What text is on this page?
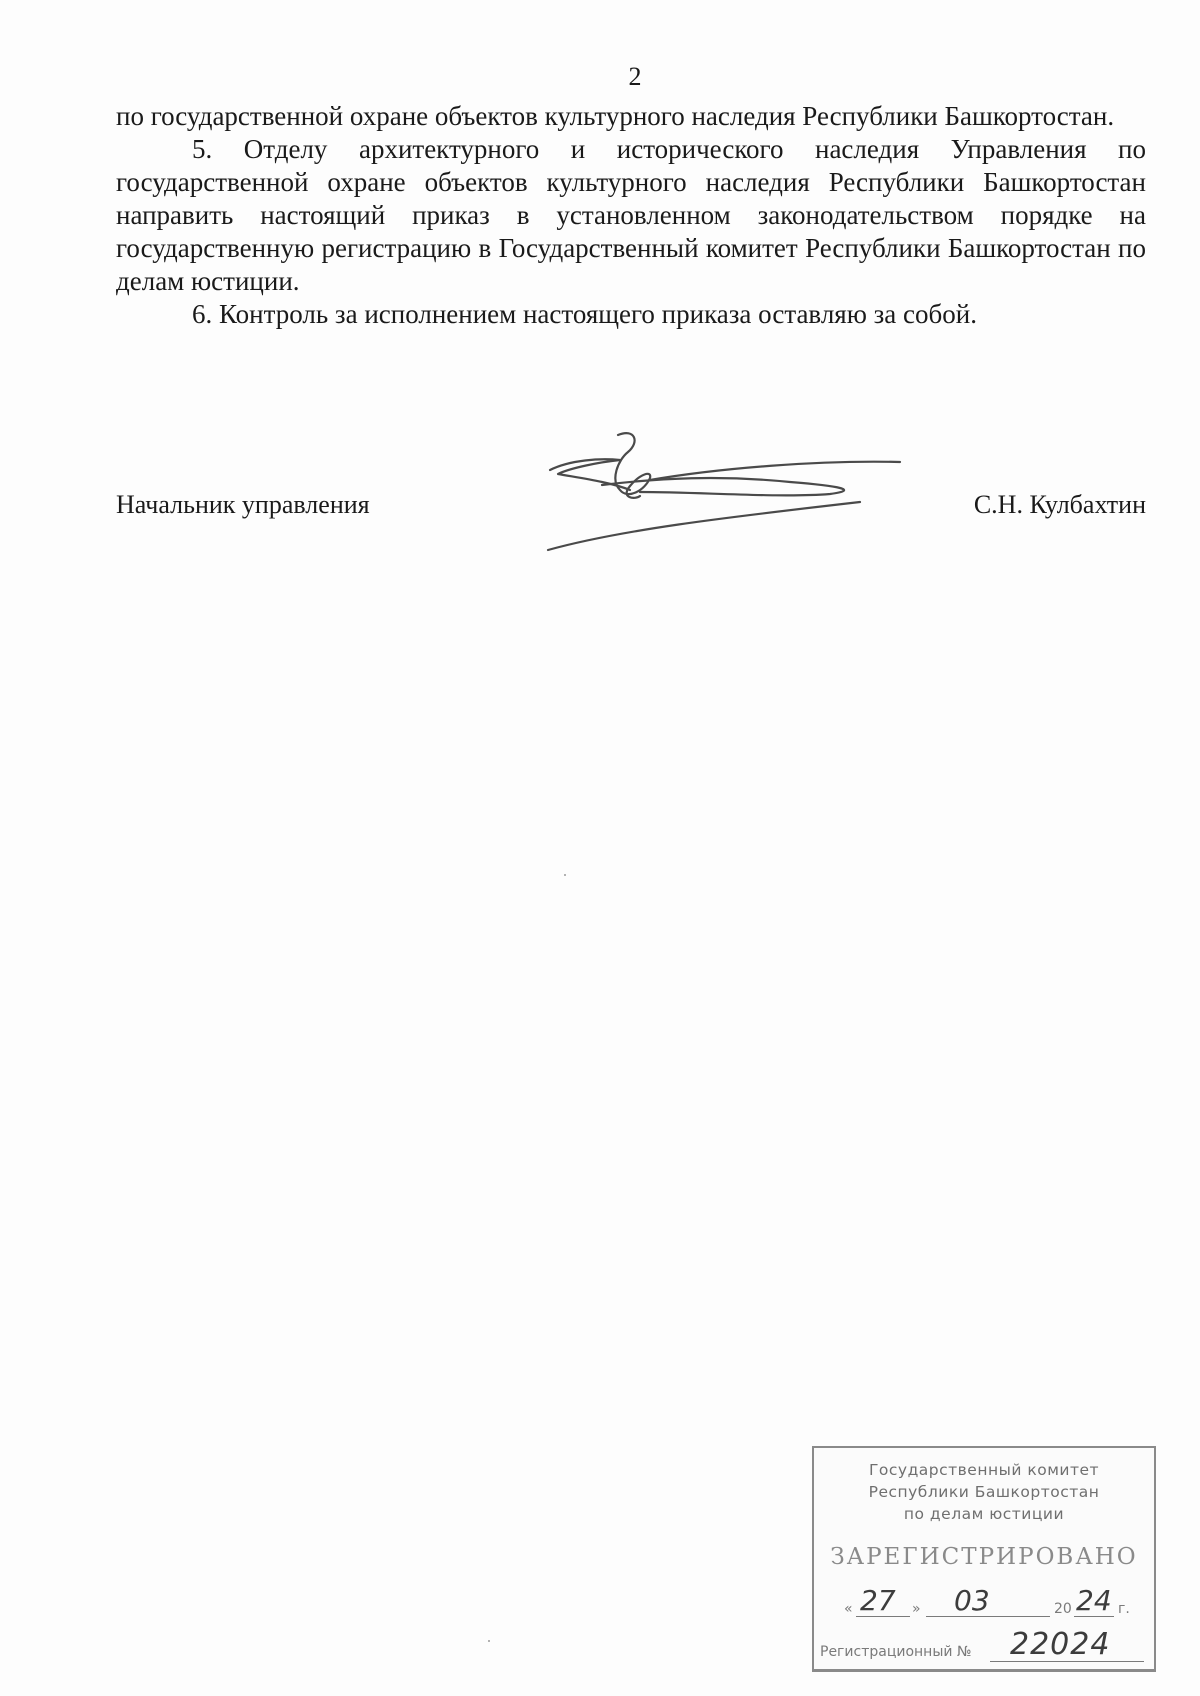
2

по государственной охране объектов культурного наследия Республики Башкортостан.

5. Отделу архитектурного и исторического наследия Управления по государственной охране объектов культурного наследия Республики Башкортостан направить настоящий приказ в установленном законодательством порядке на государственную регистрацию в Государственный комитет Республики Башкортостан по делам юстиции.

6. Контроль за исполнением настоящего приказа оставляю за собой.

Начальник управления	С.Н. Кулбахтин
Государственный комитет
Республики Башкортостан
по делам юстиции
ЗАРЕГИСТРИРОВАНО
« 27 » 03	20 24 г.
Регистрационный № 22024
